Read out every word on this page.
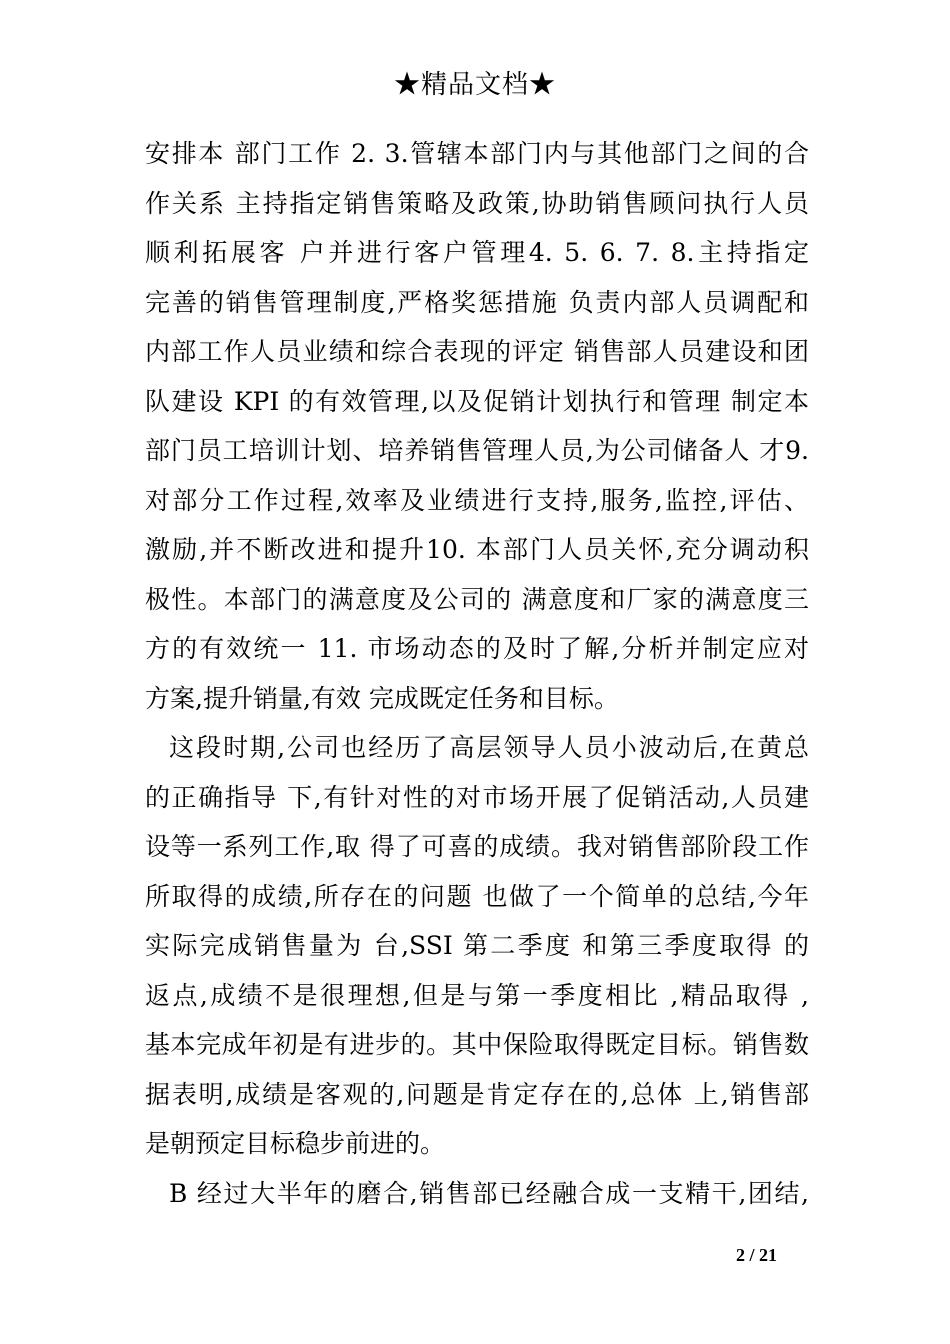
★精品文档★
安排本 部门工作 2. 3.管辖本部门内与其他部门之间的合
作关系 主持指定销售策略及政策,协助销售顾问执行人员
顺利拓展客 户并进行客户管理4. 5. 6. 7. 8.主持指定
完善的销售管理制度,严格奖惩措施 负责内部人员调配和
内部工作人员业绩和综合表现的评定 销售部人员建设和团
队建设 KPI 的有效管理,以及促销计划执行和管理 制定本
部门员工培训计划、培养销售管理人员,为公司储备人 才9.
对部分工作过程,效率及业绩进行支持,服务,监控,评估、
激励,并不断改进和提升10. 本部门人员关怀,充分调动积
极性。本部门的满意度及公司的 满意度和厂家的满意度三
方的有效统一 11. 市场动态的及时了解,分析并制定应对
方案,提升销量,有效 完成既定任务和目标。
这段时期,公司也经历了高层领导人员小波动后,在黄总
的正确指导 下,有针对性的对市场开展了促销活动,人员建
设等一系列工作,取 得了可喜的成绩。我对销售部阶段工作
所取得的成绩,所存在的问题 也做了一个简单的总结,今年
实际完成销售量为 台,SSI 第二季度 和第三季度取得 的
返点,成绩不是很理想,但是与第一季度相比 ,精品取得 ,
基本完成年初是有进步的。其中保险取得既定目标。销售数
据表明,成绩是客观的,问题是肯定存在的,总体 上,销售部
是朝预定目标稳步前进的。
B 经过大半年的磨合,销售部已经融合成一支精干,团结,
2 / 21
